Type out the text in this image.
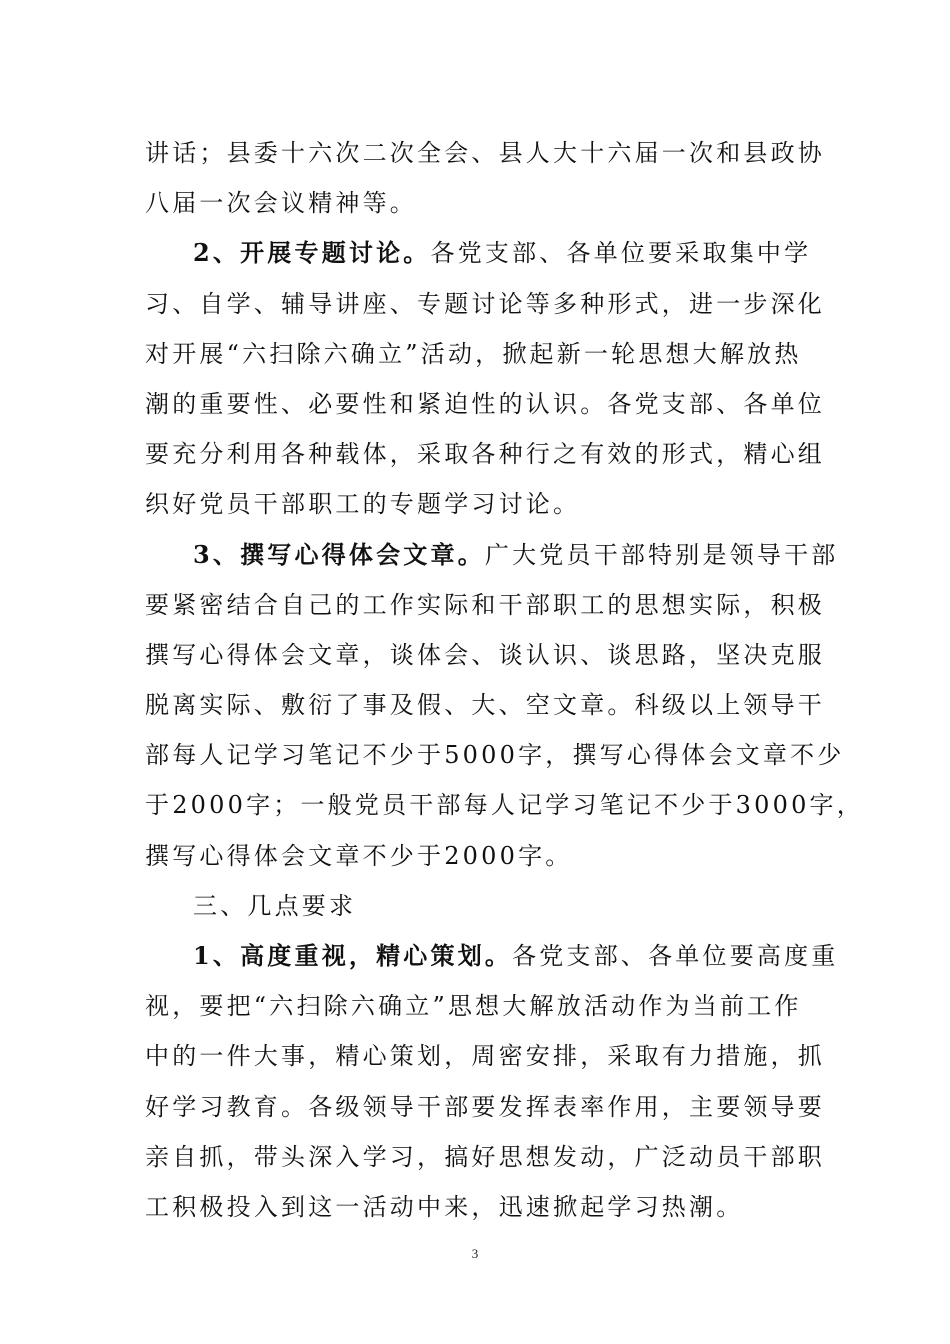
讲话；县委十六次二次全会、县人大十六届一次和县政协
八届一次会议精神等。
2、开展专题讨论。各党支部、各单位要采取集中学
习、自学、辅导讲座、专题讨论等多种形式，进一步深化
对开展“六扫除六确立”活动，掀起新一轮思想大解放热
潮的重要性、必要性和紧迫性的认识。各党支部、各单位
要充分利用各种载体，采取各种行之有效的形式，精心组
织好党员干部职工的专题学习讨论。
3、撰写心得体会文章。广大党员干部特别是领导干部
要紧密结合自己的工作实际和干部职工的思想实际，积极
撰写心得体会文章，谈体会、谈认识、谈思路，坚决克服
脱离实际、敷衍了事及假、大、空文章。科级以上领导干
部每人记学习笔记不少于5000字，撰写心得体会文章不少
于2000字；一般党员干部每人记学习笔记不少于3000字，
撰写心得体会文章不少于2000字。
三、几点要求
1、高度重视，精心策划。各党支部、各单位要高度重
视，要把“六扫除六确立”思想大解放活动作为当前工作
中的一件大事，精心策划，周密安排，采取有力措施，抓
好学习教育。各级领导干部要发挥表率作用，主要领导要
亲自抓，带头深入学习，搞好思想发动，广泛动员干部职
工积极投入到这一活动中来，迅速掀起学习热潮。
3
